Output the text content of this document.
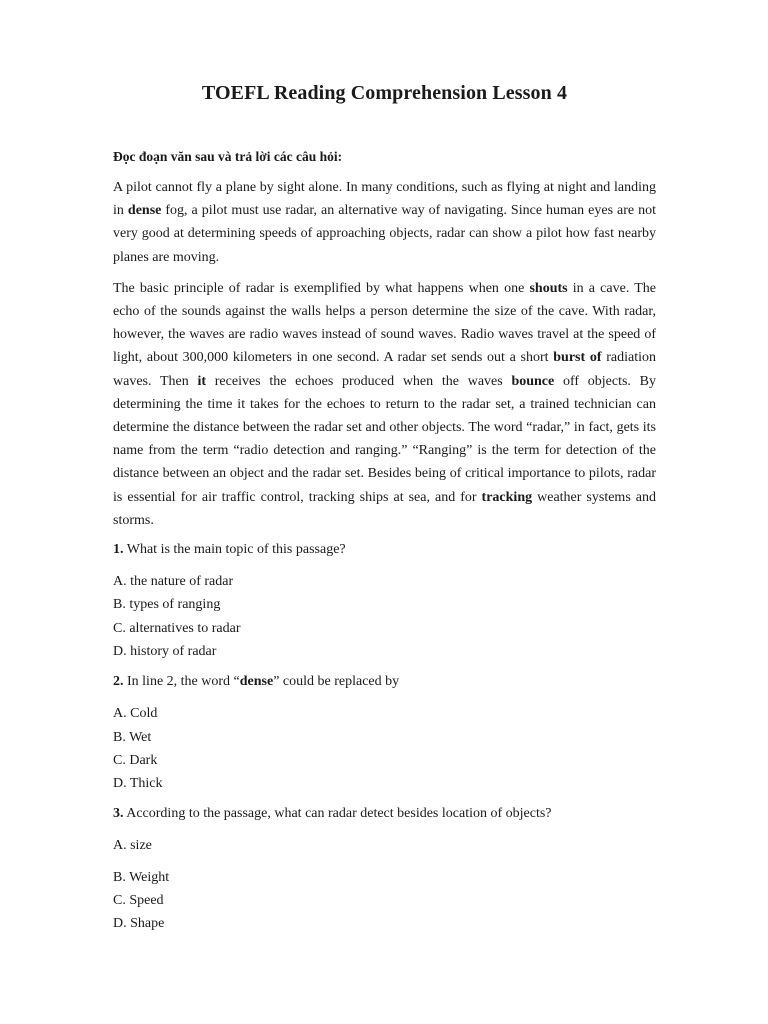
TOEFL Reading Comprehension Lesson 4
Đọc đoạn văn sau và trả lời các câu hỏi:

A pilot cannot fly a plane by sight alone. In many conditions, such as flying at night and landing in dense fog, a pilot must use radar, an alternative way of navigating. Since human eyes are not very good at determining speeds of approaching objects, radar can show a pilot how fast nearby planes are moving.

The basic principle of radar is exemplified by what happens when one shouts in a cave. The echo of the sounds against the walls helps a person determine the size of the cave. With radar, however, the waves are radio waves instead of sound waves. Radio waves travel at the speed of light, about 300,000 kilometers in one second. A radar set sends out a short burst of radiation waves. Then it receives the echoes produced when the waves bounce off objects. By determining the time it takes for the echoes to return to the radar set, a trained technician can determine the distance between the radar set and other objects. The word “radar,” in fact, gets its name from the term “radio detection and ranging.” “Ranging” is the term for detection of the distance between an object and the radar set. Besides being of critical importance to pilots, radar is essential for air traffic control, tracking ships at sea, and for tracking weather systems and storms.

1. What is the main topic of this passage?
A. the nature of radar
B. types of ranging
C. alternatives to radar
D. history of radar
2. In line 2, the word “dense” could be replaced by
A. Cold
B. Wet
C. Dark
D. Thick
3. According to the passage, what can radar detect besides location of objects?
A. size
B. Weight
C. Speed
D. Shape
